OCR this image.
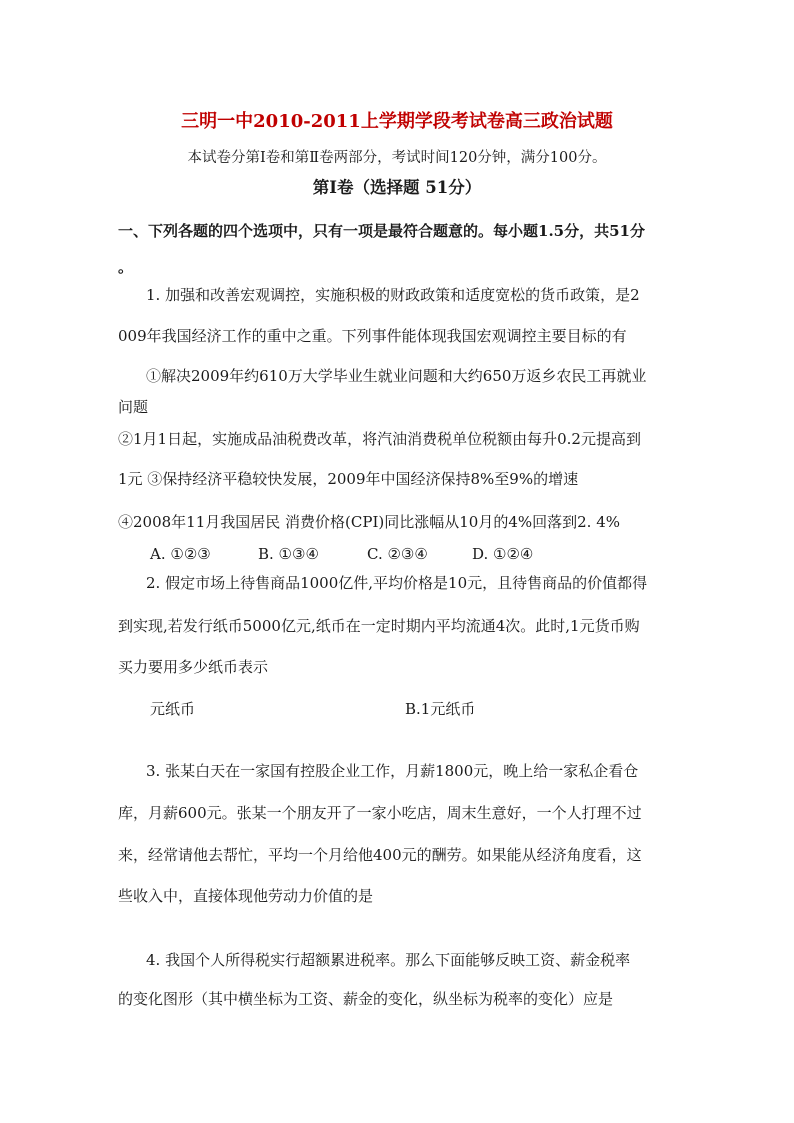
三明一中2010-2011上学期学段考试卷高三政治试题
本试卷分第Ⅰ卷和第Ⅱ卷两部分，考试时间120分钟，满分100分。
第Ⅰ卷（选择题 51分）
一、下列各题的四个选项中，只有一项是最符合题意的。每小题1.5分，共51分
。
1. 加强和改善宏观调控，实施积极的财政政策和适度宽松的货币政策，是2
009年我国经济工作的重中之重。下列事件能体现我国宏观调控主要目标的有
①解决2009年约610万大学毕业生就业问题和大约650万返乡农民工再就业
问题
②1月1日起，实施成品油税费改革，将汽油消费税单位税额由每升0.2元提高到
1元 ③保持经济平稳较快发展，2009年中国经济保持8%至9%的增速
④2008年11月我国居民 消费价格(CPI)同比涨幅从10月的4%回落到2. 4%
A. ①②③	B. ①③④	C. ②③④	D. ①②④
2. 假定市场上待售商品1000亿件,平均价格是10元，且待售商品的价值都得
到实现,若发行纸币5000亿元,纸币在一定时期内平均流通4次。此时,1元货币购
买力要用多少纸币表示
元纸币	B.1元纸币
3. 张某白天在一家国有控股企业工作，月薪1800元，晚上给一家私企看仓
库，月薪600元。张某一个朋友开了一家小吃店，周末生意好，一个人打理不过
来，经常请他去帮忙，平均一个月给他400元的酬劳。如果能从经济角度看，这
些收入中，直接体现他劳动力价值的是
4. 我国个人所得税实行超额累进税率。那么下面能够反映工资、薪金税率
的变化图形（其中横坐标为工资、薪金的变化，纵坐标为税率的变化）应是
